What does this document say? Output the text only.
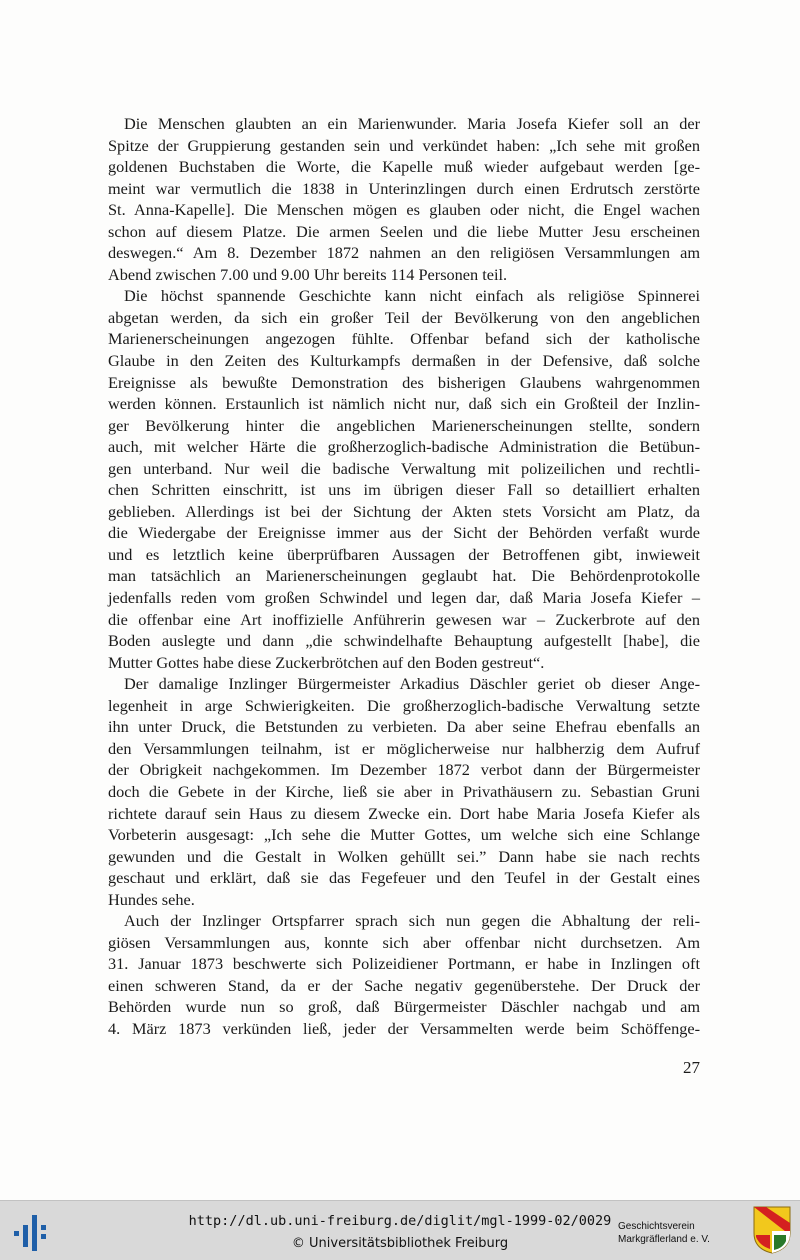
Die Menschen glaubten an ein Marienwunder. Maria Josefa Kiefer soll an der
Spitze der Gruppierung gestanden sein und verkündet haben: „Ich sehe mit großen
goldenen Buchstaben die Worte, die Kapelle muß wieder aufgebaut werden [ge-
meint war vermutlich die 1838 in Unterinzlingen durch einen Erdrutsch zerstörte
St. Anna-Kapelle]. Die Menschen mögen es glauben oder nicht, die Engel wachen
schon auf diesem Platze. Die armen Seelen und die liebe Mutter Jesu erscheinen
deswegen.“ Am 8. Dezember 1872 nahmen an den religiösen Versammlungen am
Abend zwischen 7.00 und 9.00 Uhr bereits 114 Personen teil.
Die höchst spannende Geschichte kann nicht einfach als religiöse Spinnerei
abgetan werden, da sich ein großer Teil der Bevölkerung von den angeblichen
Marienerscheinungen angezogen fühlte. Offenbar befand sich der katholische
Glaube in den Zeiten des Kulturkampfs dermaßen in der Defensive, daß solche
Ereignisse als bewußte Demonstration des bisherigen Glaubens wahrgenommen
werden können. Erstaunlich ist nämlich nicht nur, daß sich ein Großteil der Inzlin-
ger Bevölkerung hinter die angeblichen Marienerscheinungen stellte, sondern
auch, mit welcher Härte die großherzoglich-badische Administration die Betübun-
gen unterband. Nur weil die badische Verwaltung mit polizeilichen und rechtli-
chen Schritten einschritt, ist uns im übrigen dieser Fall so detailliert erhalten
geblieben. Allerdings ist bei der Sichtung der Akten stets Vorsicht am Platz, da
die Wiedergabe der Ereignisse immer aus der Sicht der Behörden verfaßt wurde
und es letztlich keine überprüfbaren Aussagen der Betroffenen gibt, inwieweit
man tatsächlich an Marienerscheinungen geglaubt hat. Die Behördenprotokolle
jedenfalls reden vom großen Schwindel und legen dar, daß Maria Josefa Kiefer –
die offenbar eine Art inoffizielle Anführerin gewesen war – Zuckerbrote auf den
Boden auslegte und dann „die schwindelhafte Behauptung aufgestellt [habe], die
Mutter Gottes habe diese Zuckerbrötchen auf den Boden gestreut“.
Der damalige Inzlinger Bürgermeister Arkadius Däschler geriet ob dieser Ange-
legenheit in arge Schwierigkeiten. Die großherzoglich-badische Verwaltung setzte
ihn unter Druck, die Betstunden zu verbieten. Da aber seine Ehefrau ebenfalls an
den Versammlungen teilnahm, ist er möglicherweise nur halbherzig dem Aufruf
der Obrigkeit nachgekommen. Im Dezember 1872 verbot dann der Bürgermeister
doch die Gebete in der Kirche, ließ sie aber in Privathäusern zu. Sebastian Gruni
richtete darauf sein Haus zu diesem Zwecke ein. Dort habe Maria Josefa Kiefer als
Vorbeterin ausgesagt: „Ich sehe die Mutter Gottes, um welche sich eine Schlange
gewunden und die Gestalt in Wolken gehüllt sei.” Dann habe sie nach rechts
geschaut und erklärt, daß sie das Fegefeuer und den Teufel in der Gestalt eines
Hundes sehe.
Auch der Inzlinger Ortspfarrer sprach sich nun gegen die Abhaltung der reli-
giösen Versammlungen aus, konnte sich aber offenbar nicht durchsetzen. Am
31. Januar 1873 beschwerte sich Polizeidiener Portmann, er habe in Inzlingen oft
einen schweren Stand, da er der Sache negativ gegenüberstehe. Der Druck der
Behörden wurde nun so groß, daß Bürgermeister Däschler nachgab und am
4. März 1873 verkünden ließ, jeder der Versammelten werde beim Schöffenge-
27
http://dl.ub.uni-freiburg.de/diglit/mgl-1999-02/0029
© Universitätsbibliothek Freiburg
Geschichtsverein
Markgräflerland e. V.
